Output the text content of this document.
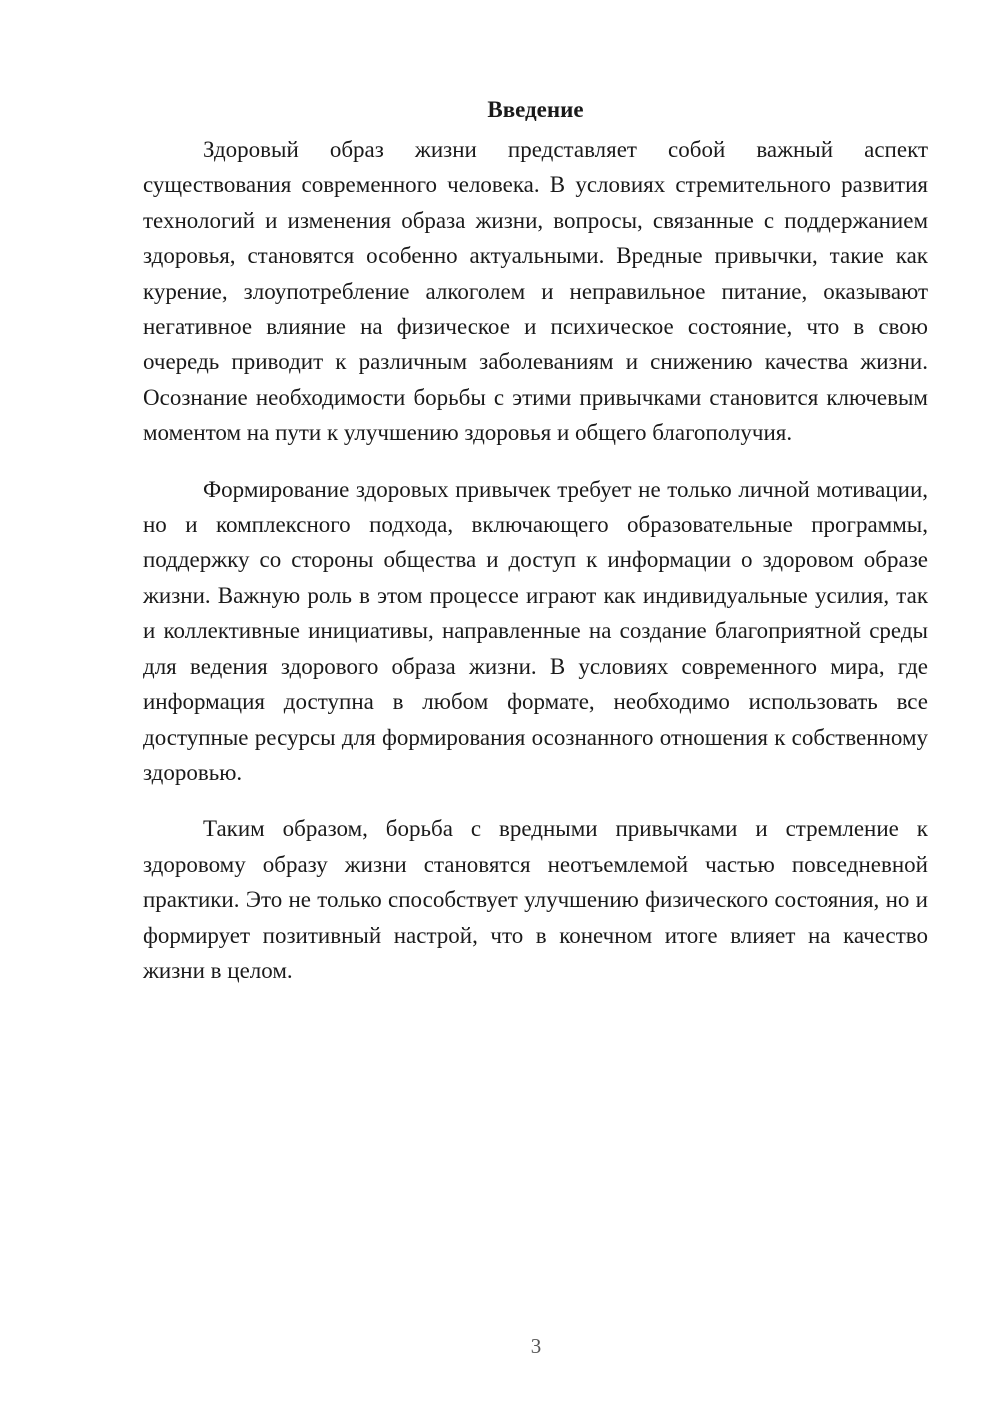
Введение

Здоровый образ жизни представляет собой важный аспект существования современного человека. В условиях стремительного развития технологий и изменения образа жизни, вопросы, связанные с поддержанием здоровья, становятся особенно актуальными. Вредные привычки, такие как курение, злоупотребление алкоголем и неправильное питание, оказывают негативное влияние на физическое и психическое состояние, что в свою очередь приводит к различным заболеваниям и снижению качества жизни. Осознание необходимости борьбы с этими привычками становится ключевым моментом на пути к улучшению здоровья и общего благополучия.

Формирование здоровых привычек требует не только личной мотивации, но и комплексного подхода, включающего образовательные программы, поддержку со стороны общества и доступ к информации о здоровом образе жизни. Важную роль в этом процессе играют как индивидуальные усилия, так и коллективные инициативы, направленные на создание благоприятной среды для ведения здорового образа жизни. В условиях современного мира, где информация доступна в любом формате, необходимо использовать все доступные ресурсы для формирования осознанного отношения к собственному здоровью.

Таким образом, борьба с вредными привычками и стремление к здоровому образу жизни становятся неотъемлемой частью повседневной практики. Это не только способствует улучшению физического состояния, но и формирует позитивный настрой, что в конечном итоге влияет на качество жизни в целом.

3
